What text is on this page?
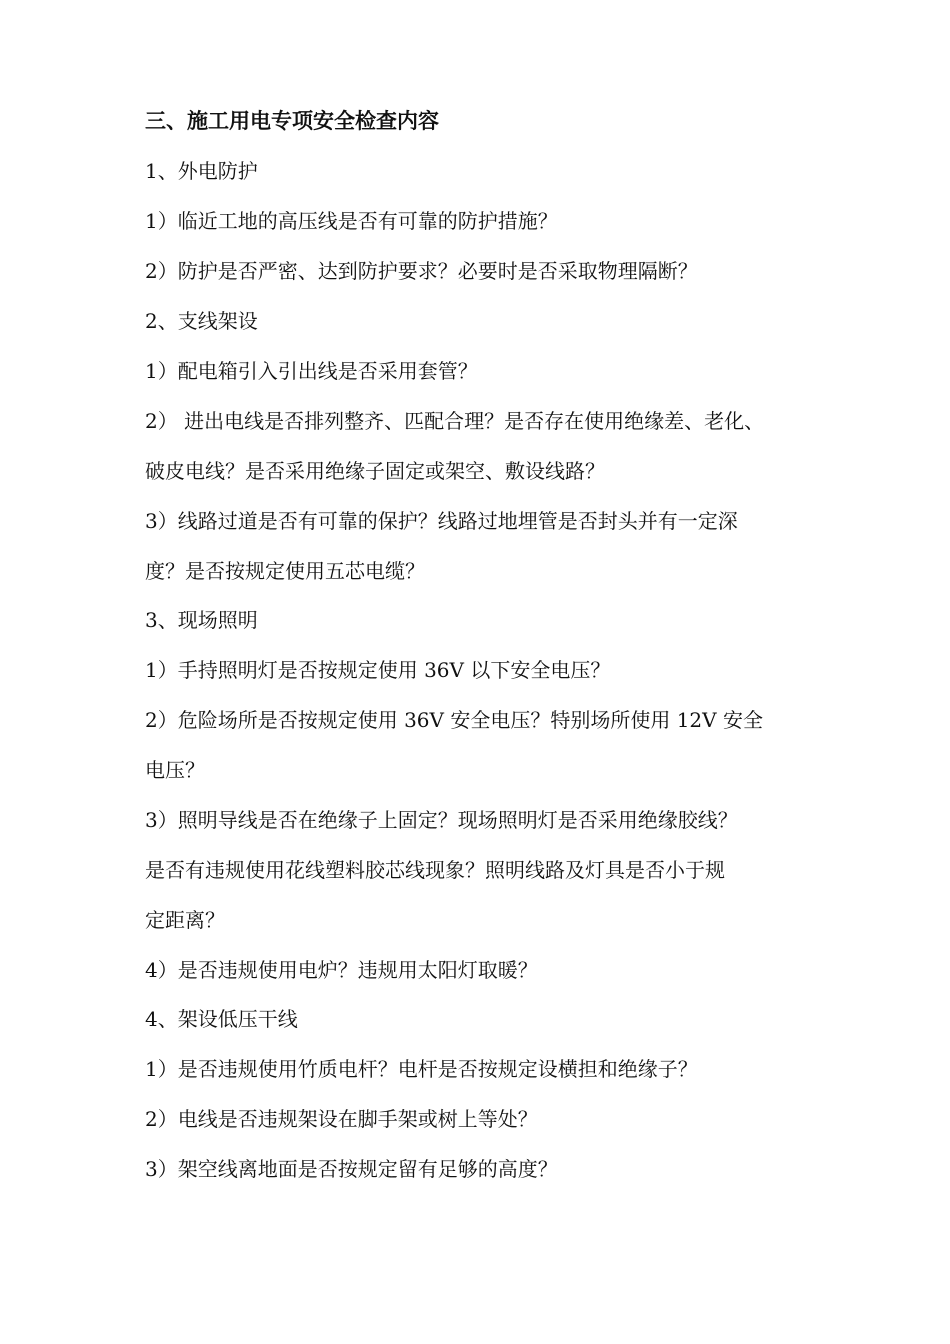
三、施工用电专项安全检查内容
1、外电防护
1）临近工地的高压线是否有可靠的防护措施？
2）防护是否严密、达到防护要求？必要时是否采取物理隔断？
2、支线架设
1）配电箱引入引出线是否采用套管？
2） 进出电线是否排列整齐、匹配合理？是否存在使用绝缘差、老化、
破皮电线？是否采用绝缘子固定或架空、敷设线路？
3）线路过道是否有可靠的保护？线路过地埋管是否封头并有一定深
度？是否按规定使用五芯电缆？
3、现场照明
1）手持照明灯是否按规定使用 36V 以下安全电压？
2）危险场所是否按规定使用 36V 安全电压？特别场所使用 12V 安全
电压？
3）照明导线是否在绝缘子上固定？现场照明灯是否采用绝缘胶线？
是否有违规使用花线塑料胶芯线现象？照明线路及灯具是否小于规
定距离？
4）是否违规使用电炉？违规用太阳灯取暖？
4、架设低压干线
1）是否违规使用竹质电杆？电杆是否按规定设横担和绝缘子？
2）电线是否违规架设在脚手架或树上等处？
3）架空线离地面是否按规定留有足够的高度？
